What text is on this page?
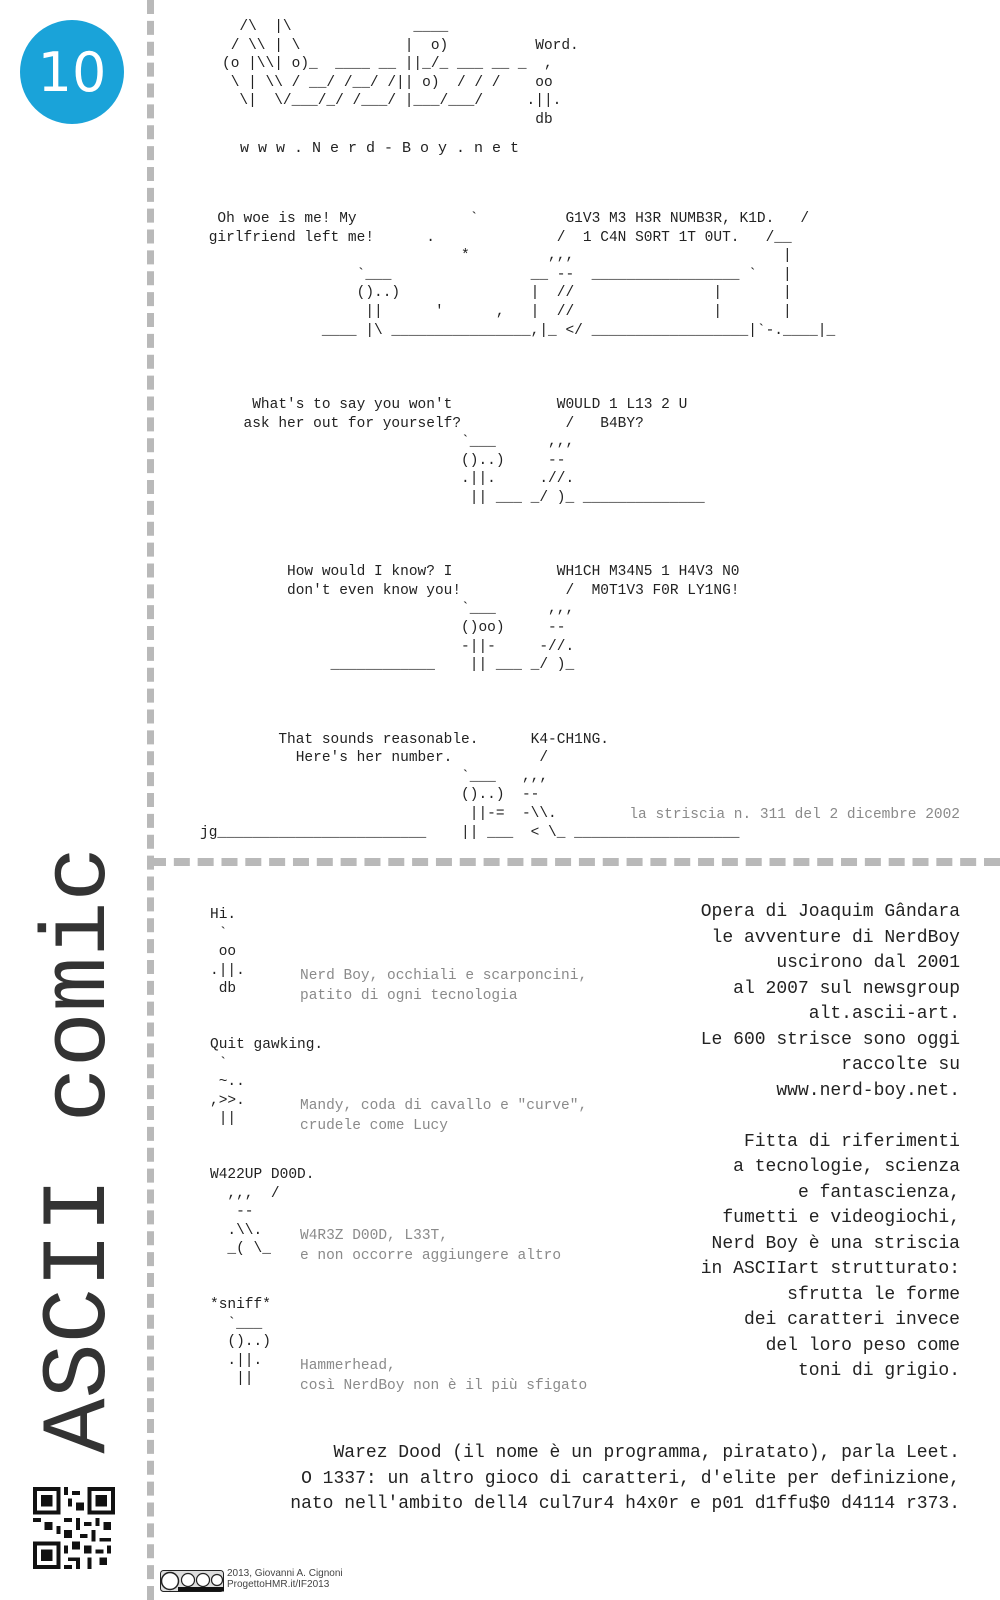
10
ASCII comic
/\  |\              ____
/ \\ | \            |  o)          Word.
(o |\\| o)_  ____ __ ||_/_ ___ __ _  ,
\ | \\ / __/ /__/ /|| o)  / / /    oo
\|  \/___/_/ /___/ |___/___/     .||.
db
w w w . N e r d - B o y . n e t
Oh woe is me! My             `          G1V3 M3 H3R NUMB3R, K1D.   /
girlfriend left me!      .              /  1 C4N S0RT 1T 0UT.   /__
*         ,,,                        |
`___                __ --  _________________ `   |
()..)               |  //                |       |
||      '      ,   |  //                |       |
____ |\ ________________,|_ </ __________________|`-.____|_

What's to say you won't            W0ULD 1 L13 2 U
ask her out for yourself?            /   B4BY?
`___      ,,,
()..)     --
.||.     .//.
|| ___ _/ )_ ______________

How would I know? I            WH1CH M34N5 1 H4V3 N0
don't even know you!            /  M0T1V3 F0R LY1NG!
`___      ,,,
()oo)     --
-||-     -//.
____________    || ___ _/ )_

That sounds reasonable.      K4-CH1NG.
Here's her number.          /
`___   ,,,
()..)  --
||-=  -\\.
jg________________________    || ___  < \_ ___________________
la striscia n. 311 del 2 dicembre 2002
Hi.
`
oo
.||.
db
Nerd Boy, occhiali e scarponcini,
patito di ogni tecnologia
Quit gawking.
`
~..
,>>.
||
Mandy, coda di cavallo e "curve",
crudele come Lucy
W422UP D00D.
,,,  /
--
.\\.
_( \_
W4R3Z D00D, L33T,
e non occorre aggiungere altro
*sniff*
`___
()..)
.||.
||
Hammerhead,
così NerdBoy non è il più sfigato

Opera di Joaquim Gândara

le avventure di NerdBoy

uscirono dal 2001

al 2007 sul newsgroup

alt.ascii-art.

Le 600 strisce sono oggi

raccolte su

www.nerd-boy.net.

Fitta di riferimenti

a tecnologie, scienza

e fantascienza,

fumetti e videogiochi,

Nerd Boy è una striscia

in ASCIIart strutturato:

sfrutta le forme

dei caratteri invece

del loro peso come

toni di grigio.

Warez Dood (il nome è un programma, piratato), parla Leet.

O 1337: un altro gioco di caratteri, d'elite per definizione,

nato nell'ambito dell4 cul7ur4 h4x0r e p01 d1ffu$0 d4114 r373.

2013, Giovanni A. Cignoni
ProgettoHMR.it/IF2013
